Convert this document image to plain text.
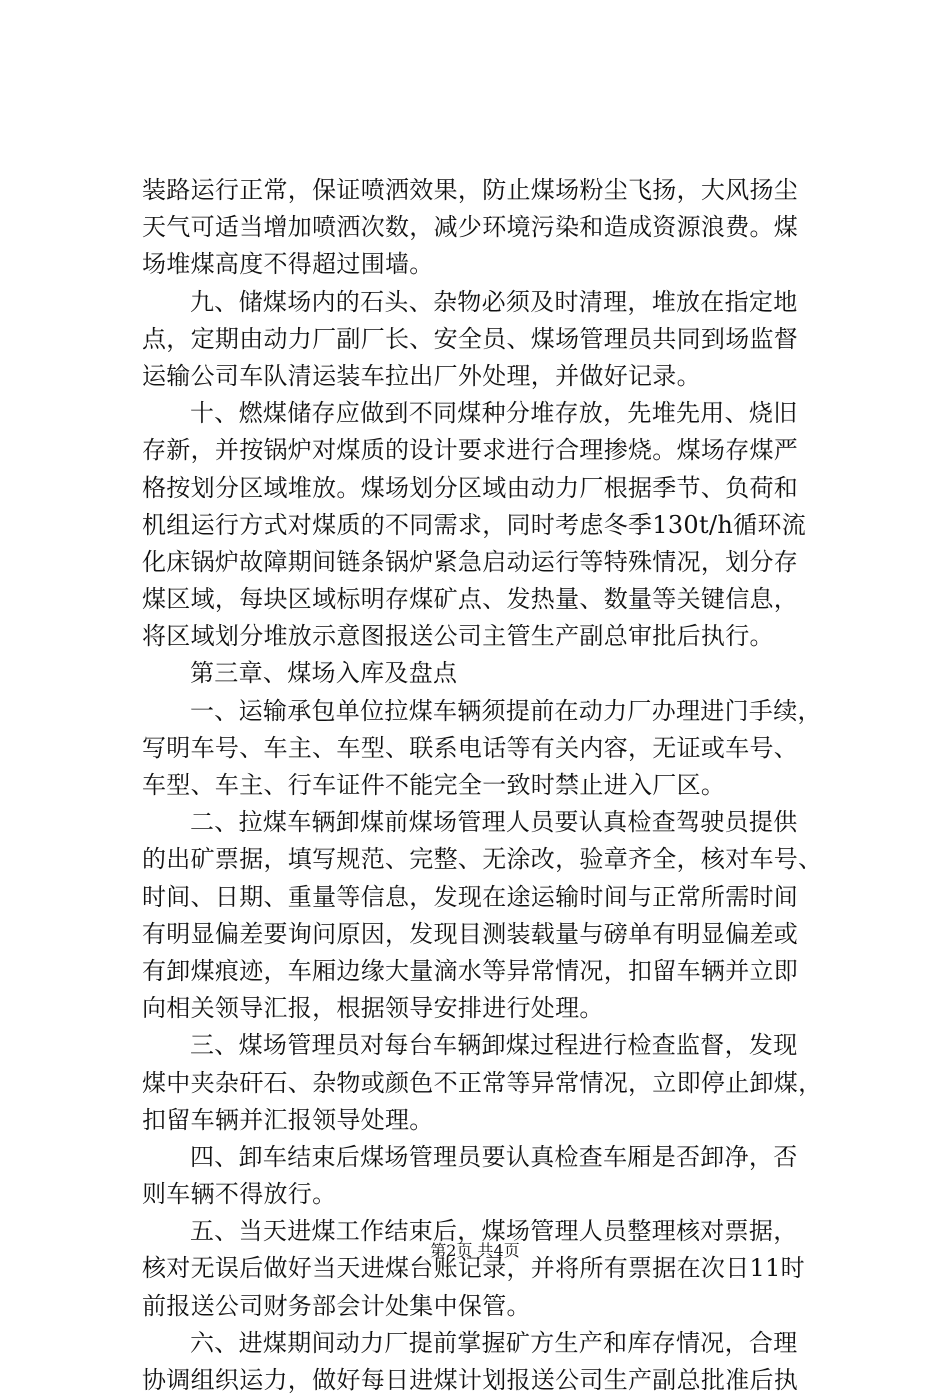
装路运行正常，保证喷洒效果，防止煤场粉尘飞扬，大风扬尘
天气可适当增加喷洒次数，减少环境污染和造成资源浪费。煤
场堆煤高度不得超过围墙。
九、储煤场内的石头、杂物必须及时清理，堆放在指定地
点，定期由动力厂副厂长、安全员、煤场管理员共同到场监督
运输公司车队清运装车拉出厂外处理，并做好记录。
十、燃煤储存应做到不同煤种分堆存放，先堆先用、烧旧
存新，并按锅炉对煤质的设计要求进行合理掺烧。煤场存煤严
格按划分区域堆放。煤场划分区域由动力厂根据季节、负荷和
机组运行方式对煤质的不同需求，同时考虑冬季130t/h循环流
化床锅炉故障期间链条锅炉紧急启动运行等特殊情况，划分存
煤区域，每块区域标明存煤矿点、发热量、数量等关键信息，
将区域划分堆放示意图报送公司主管生产副总审批后执行。
第三章、煤场入库及盘点
一、运输承包单位拉煤车辆须提前在动力厂办理进门手续，
写明车号、车主、车型、联系电话等有关内容，无证或车号、
车型、车主、行车证件不能完全一致时禁止进入厂区。
二、拉煤车辆卸煤前煤场管理人员要认真检查驾驶员提供
的出矿票据，填写规范、完整、无涂改，验章齐全，核对车号、
时间、日期、重量等信息，发现在途运输时间与正常所需时间
有明显偏差要询问原因，发现目测装载量与磅单有明显偏差或
有卸煤痕迹，车厢边缘大量滴水等异常情况，扣留车辆并立即
向相关领导汇报，根据领导安排进行处理。
三、煤场管理员对每台车辆卸煤过程进行检查监督，发现
煤中夹杂矸石、杂物或颜色不正常等异常情况，立即停止卸煤，
扣留车辆并汇报领导处理。
四、卸车结束后煤场管理员要认真检查车厢是否卸净，否
则车辆不得放行。
五、当天进煤工作结束后，煤场管理人员整理核对票据，
核对无误后做好当天进煤台账记录，并将所有票据在次日11时
前报送公司财务部会计处集中保管。
六、进煤期间动力厂提前掌握矿方生产和库存情况，合理
协调组织运力，做好每日进煤计划报送公司生产副总批准后执
第2页 共4页
